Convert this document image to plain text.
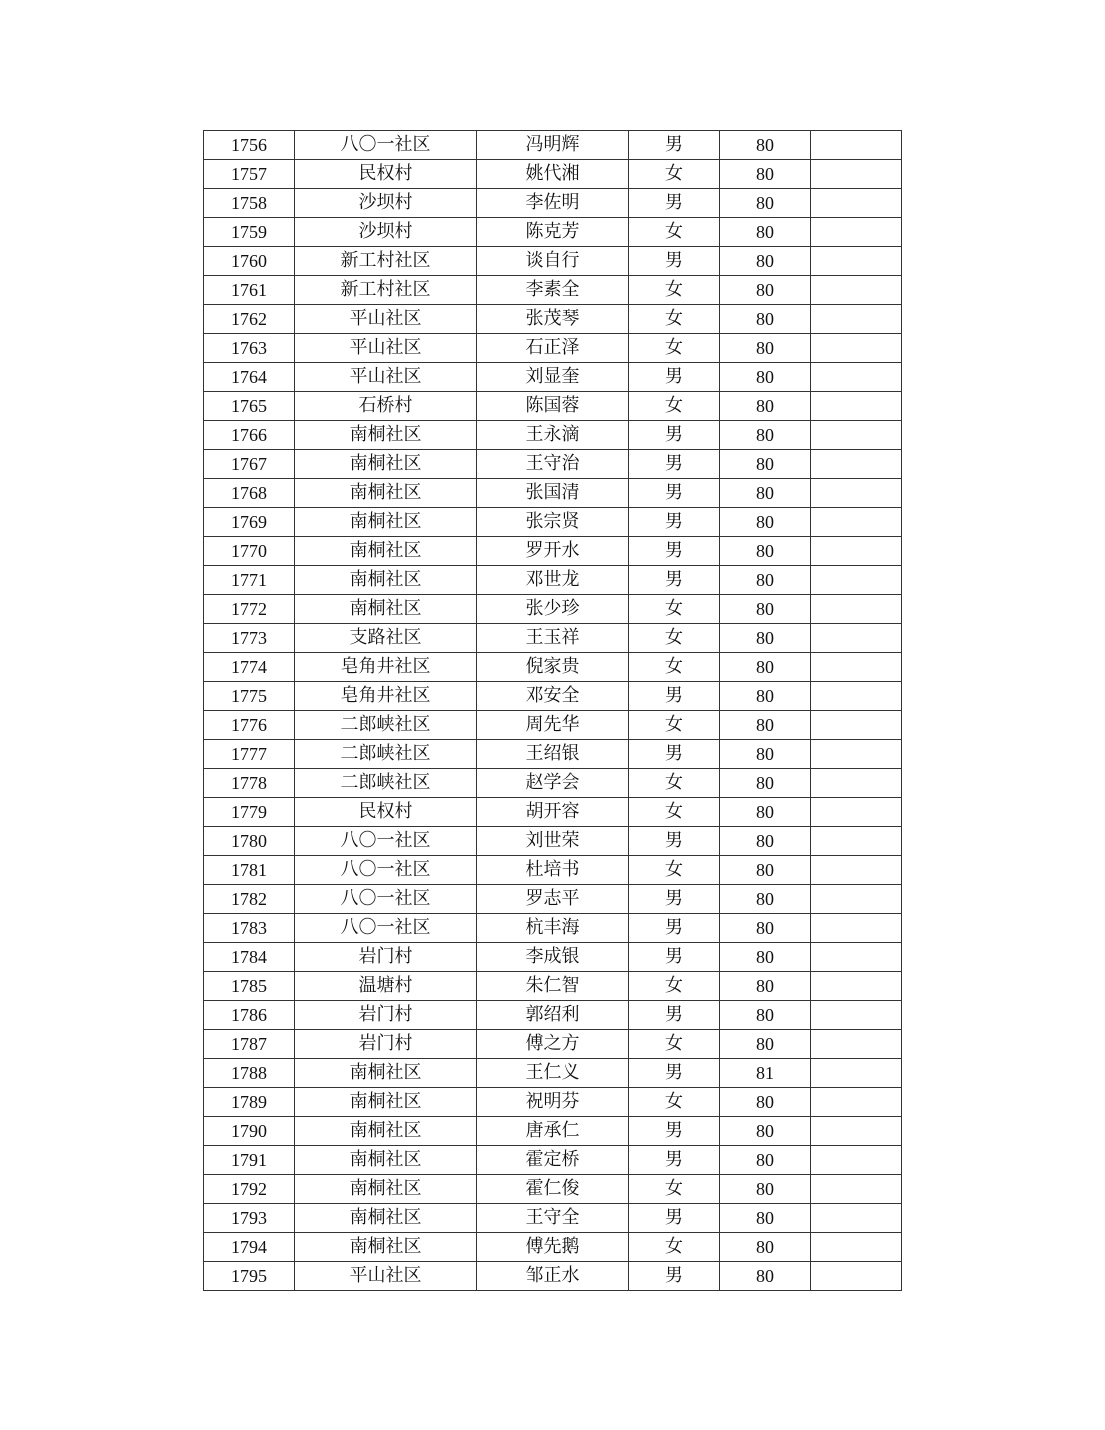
1756	八〇一社区	冯明辉	男	80	
1757	民权村	姚代湘	女	80	
1758	沙坝村	李佐明	男	80	
1759	沙坝村	陈克芳	女	80	
1760	新工村社区	谈自行	男	80	
1761	新工村社区	李素全	女	80	
1762	平山社区	张茂琴	女	80	
1763	平山社区	石正泽	女	80	
1764	平山社区	刘显奎	男	80	
1765	石桥村	陈国蓉	女	80	
1766	南桐社区	王永滴	男	80	
1767	南桐社区	王守治	男	80	
1768	南桐社区	张国清	男	80	
1769	南桐社区	张宗贤	男	80	
1770	南桐社区	罗开水	男	80	
1771	南桐社区	邓世龙	男	80	
1772	南桐社区	张少珍	女	80	
1773	支路社区	王玉祥	女	80	
1774	皂角井社区	倪家贵	女	80	
1775	皂角井社区	邓安全	男	80	
1776	二郎峡社区	周先华	女	80	
1777	二郎峡社区	王绍银	男	80	
1778	二郎峡社区	赵学会	女	80	
1779	民权村	胡开容	女	80	
1780	八〇一社区	刘世荣	男	80	
1781	八〇一社区	杜培书	女	80	
1782	八〇一社区	罗志平	男	80	
1783	八〇一社区	杭丰海	男	80	
1784	岩门村	李成银	男	80	
1785	温塘村	朱仁智	女	80	
1786	岩门村	郭绍利	男	80	
1787	岩门村	傅之方	女	80	
1788	南桐社区	王仁义	男	81	
1789	南桐社区	祝明芬	女	80	
1790	南桐社区	唐承仁	男	80	
1791	南桐社区	霍定桥	男	80	
1792	南桐社区	霍仁俊	女	80	
1793	南桐社区	王守全	男	80	
1794	南桐社区	傅先鹅	女	80	
1795	平山社区	邹正水	男	80	
